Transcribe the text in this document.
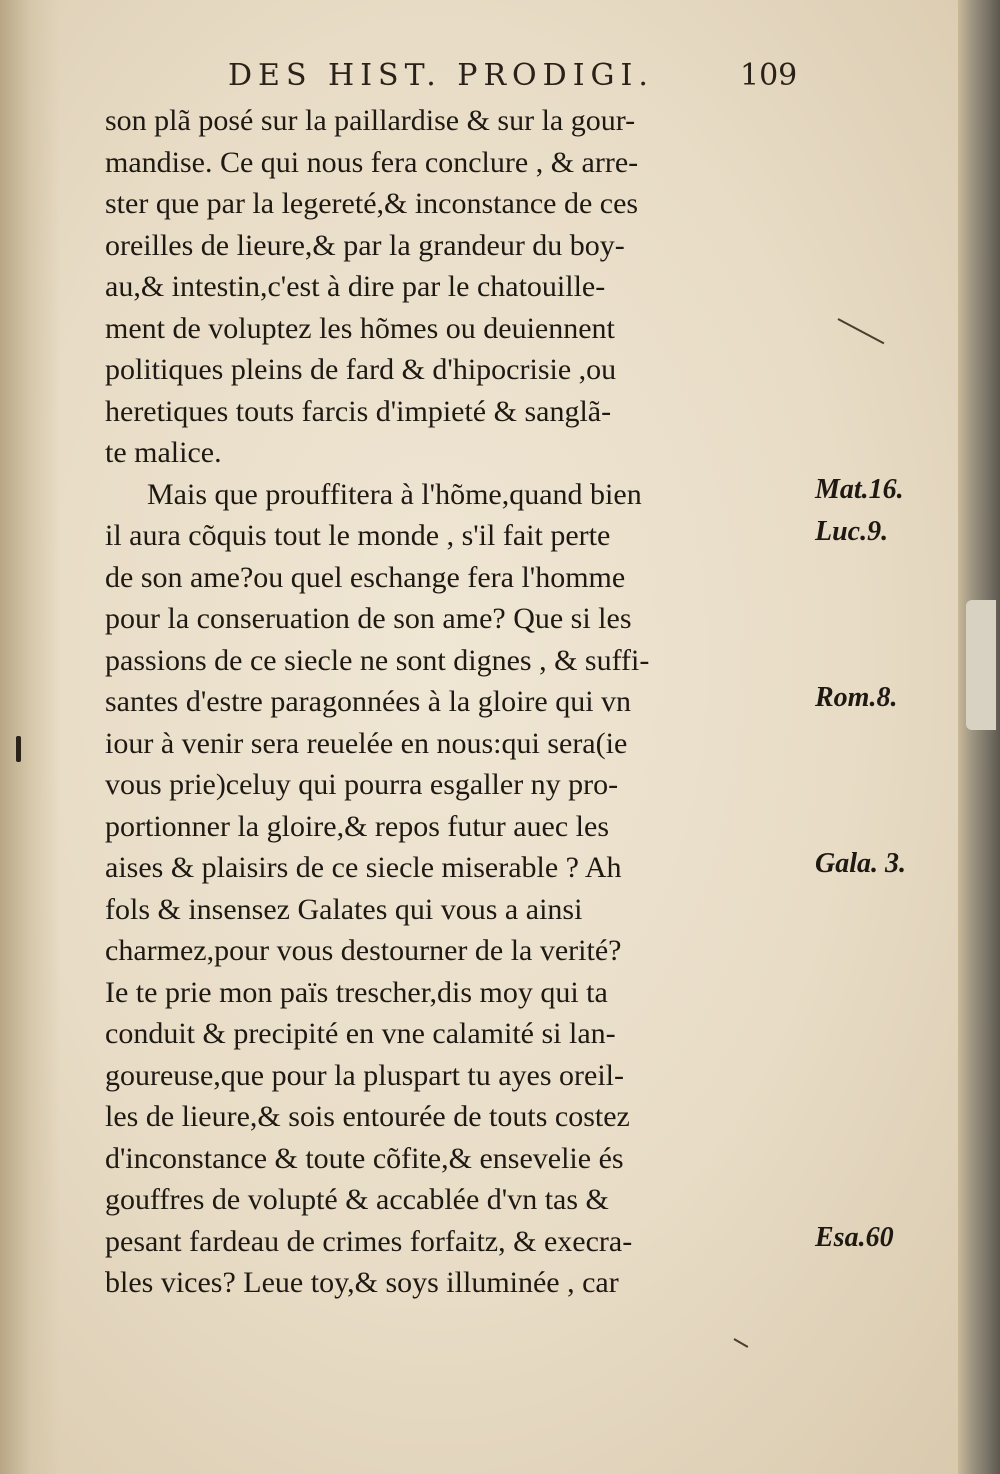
DES HIST. PRODIGI.	109
son plã posé sur la paillardise & sur la gour-
mandise. Ce qui nous fera conclure , & arre-
ster que par la legereté,& inconstance de ces
oreilles de lieure,& par la grandeur du boy-
au,& intestin,c'est à dire par le chatouille-
ment de voluptez les hõmes ou deuiennent
politiques pleins de fard & d'hipocrisie ,ou
heretiques touts farcis d'impieté & sanglã-
te malice.
Mais que prouffitera à l'hõme,quand bien
il aura cõquis tout le monde , s'il fait perte
de son ame?ou quel eschange fera l'homme
pour la conseruation de son ame? Que si les
passions de ce siecle ne sont dignes , & suffi-
santes d'estre paragonnées à la gloire qui vn
iour à venir sera reuelée en nous:qui sera(ie
vous prie)celuy qui pourra esgaller ny pro-
portionner la gloire,& repos futur auec les
aises & plaisirs de ce siecle miserable ? Ah
fols & insensez Galates qui vous a ainsi
charmez,pour vous destourner de la verité?
Ie te prie mon païs trescher,dis moy qui ta
conduit & precipité en vne calamité si lan-
goureuse,que pour la pluspart tu ayes oreil-
les de lieure,& sois entourée de touts costez
d'inconstance & toute cõfite,& ensevelie és
gouffres de volupté & accablée d'vn tas &
pesant fardeau de crimes forfaitz, & execra-
bles vices? Leue toy,& soys illuminée , car
Mat.16.
Luc.9.
Rom.8.
Gala. 3.
Esa.60
